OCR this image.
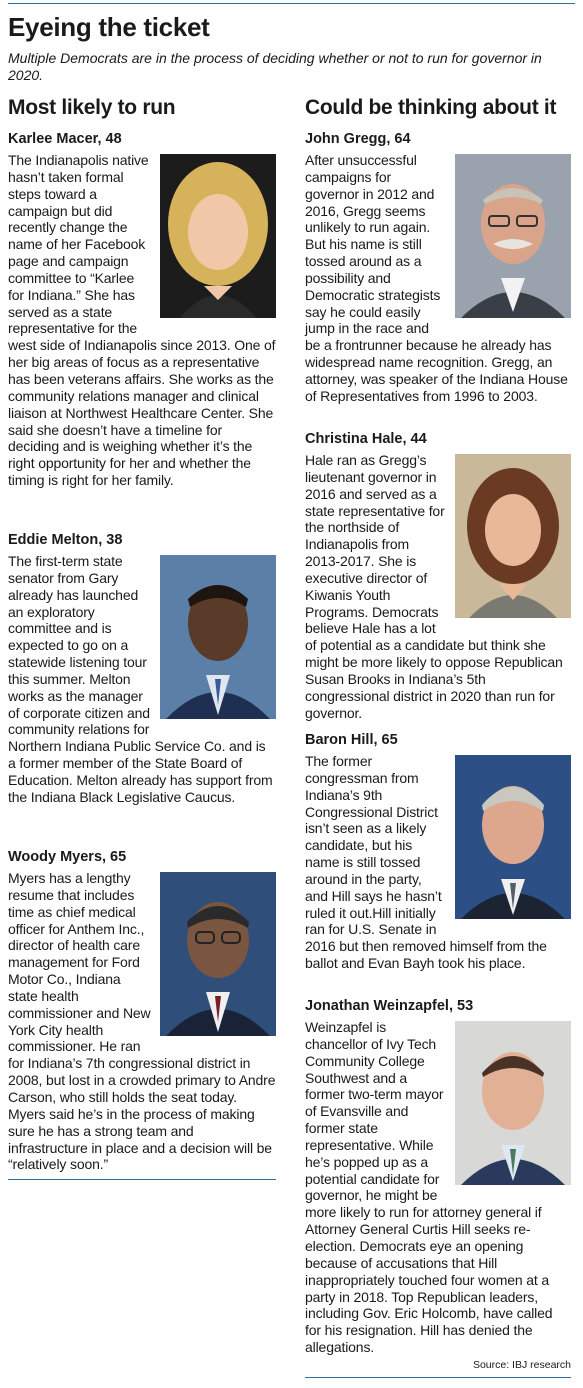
Eyeing the ticket
Multiple Democrats are in the process of deciding whether or not to run for governor in 2020.
Most likely to run	Could be thinking about it
Karlee Macer, 48

The Indianapolis native hasn’t taken formal steps toward a campaign but did recently change the name of her Facebook page and campaign committee to “Karlee for Indiana.” She has served as a state representative for the west side of Indianapolis since 2013. One of her big areas of focus as a representative has been veterans affairs. She works as the community relations manager and clinical liaison at Northwest Healthcare Center. She said she doesn’t have a timeline for deciding and is weighing whether it’s the right opportunity for her and whether the timing is right for her family.

Eddie Melton, 38

The first-term state senator from Gary already has launched an exploratory committee and is expected to go on a statewide listening tour this summer. Melton works as the manager of corporate citizen and community relations for Northern Indiana Public Service Co. and is a former member of the State Board of Education. Melton already has support from the Indiana Black Legislative Caucus.

Woody Myers, 65

Myers has a lengthy resume that includes time as chief medical officer for Anthem Inc., director of health care management for Ford Motor Co., Indiana state health commissioner and New York City health commissioner. He ran for Indiana’s 7th congressional district in 2008, but lost in a crowded primary to Andre Carson, who still holds the seat today. Myers said he’s in the process of making sure he has a strong team and infrastructure in place and a decision will be “relatively soon.”

John Gregg, 64

After unsuccessful campaigns for governor in 2012 and 2016, Gregg seems unlikely to run again. But his name is still tossed around as a possibility and Democratic strategists say he could easily jump in the race and be a frontrunner because he already has widespread name recognition. Gregg, an attorney, was speaker of the Indiana House of Representatives from 1996 to 2003.

Christina Hale, 44

Hale ran as Gregg’s lieutenant governor in 2016 and served as a state representative for the northside of Indianapolis from 2013-2017. She is executive director of Kiwanis Youth Programs. Democrats believe Hale has a lot of potential as a candidate but think she might be more likely to oppose Republican Susan Brooks in Indiana’s 5th congressional district in 2020 than run for governor.

Baron Hill, 65

The former congressman from Indiana’s 9th Congressional District isn’t seen as a likely candidate, but his name is still tossed around in the party, and Hill says he hasn’t ruled it out.Hill initially ran for U.S. Senate in 2016 but then removed himself from the ballot and Evan Bayh took his place.

Jonathan Weinzapfel, 53

Weinzapfel is chancellor of Ivy Tech Community College Southwest and a former two-term mayor of Evansville and former state representative. While he’s popped up as a potential candidate for governor, he might be more likely to run for attorney general if Attorney General Curtis Hill seeks re-election. Democrats eye an opening because of accusations that Hill inappropriately touched four women at a party in 2018. Top Republican leaders, including Gov. Eric Holcomb, have called for his resignation. Hill has denied the allegations.

Source: IBJ research
